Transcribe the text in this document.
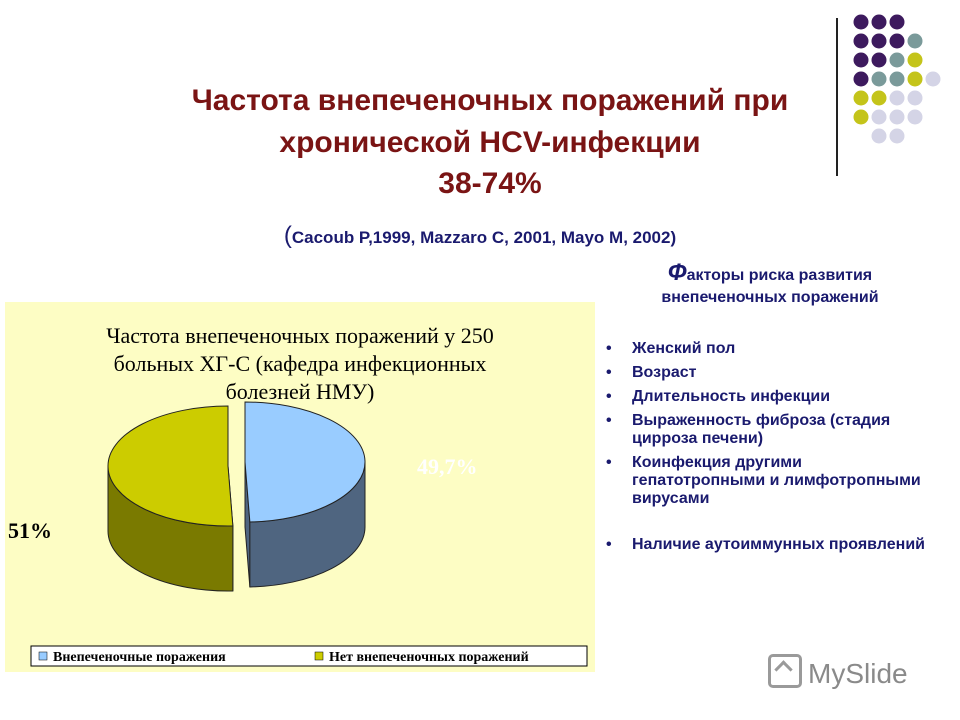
Частота внепеченочных поражений при
хронической HCV-инфекции
38-74%
(Cacoub P,1999, Mazzaro C, 2001, Mayo M, 2002)
Факторы риска развития
внепеченочных поражений
• Женский пол
• Возраст
• Длительность инфекции
• Выраженность фиброза (стадия цирроза печени)
• Коинфекция другими гепатотропными и лимфотропными вирусами
• Наличие аутоиммунных проявлений
Частота внепеченочных поражений у 250
больных ХГ-С (кафедра инфекционных
болезней НМУ)
49,7%
51%
Внепеченочные поражения	Нет внепеченочных поражений
MySlide
